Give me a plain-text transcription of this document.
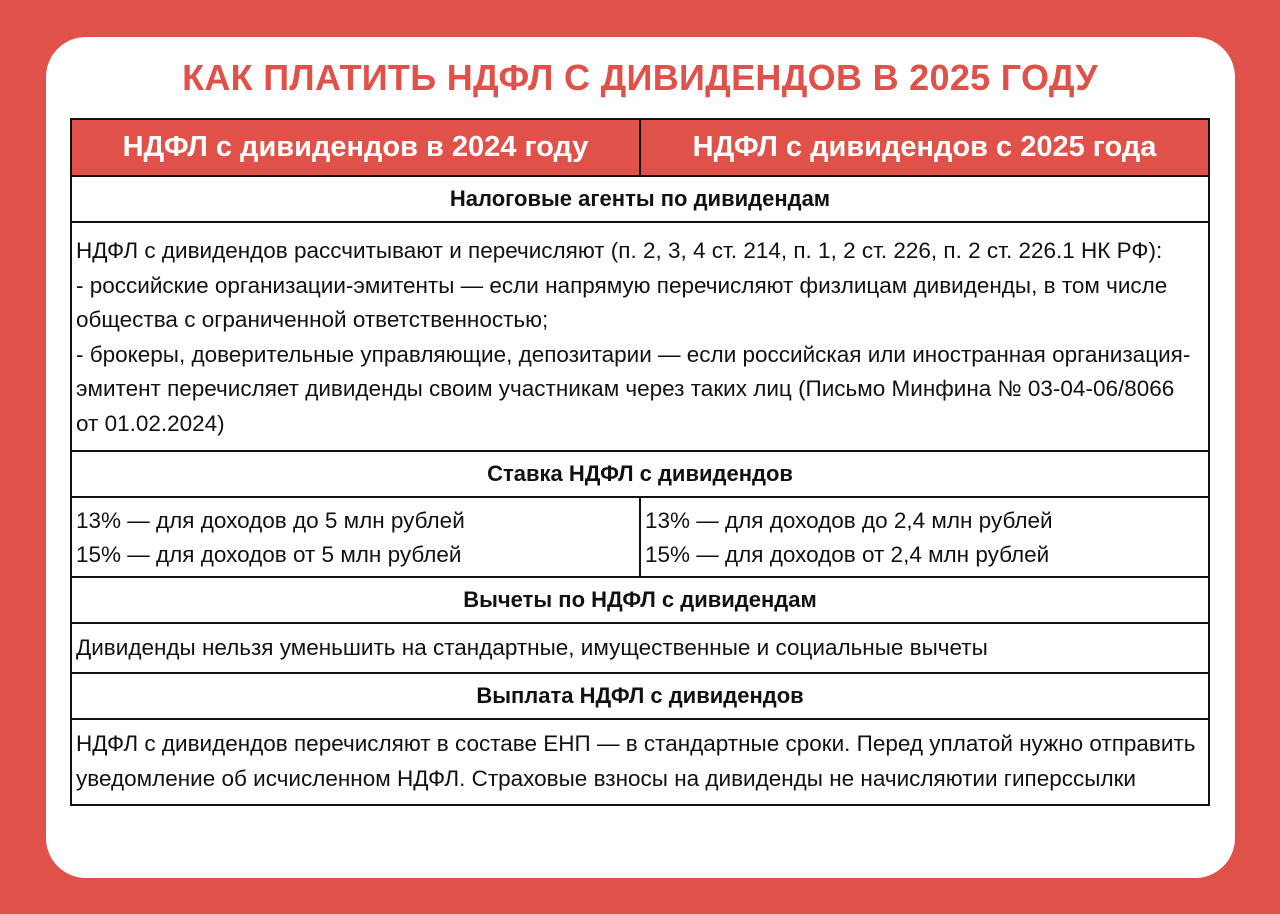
КАК ПЛАТИТЬ НДФЛ С ДИВИДЕНДОВ В 2025 ГОДУ
НДФЛ с дивидендов в 2024 году	НДФЛ с дивидендов с 2025 года
Налоговые агенты по дивидендам

НДФЛ с дивидендов рассчитывают и перечисляют (п. 2, 3, 4 ст. 214, п. 1, 2 ст. 226, п. 2 ст. 226.1 НК РФ):

- российские организации-эмитенты — если напрямую перечисляют физлицам дивиденды, в том числе общества с ограниченной ответственностью;

- брокеры, доверительные управляющие, депозитарии — если российская или иностранная организация-эмитент перечисляет дивиденды своим участникам через таких лиц (Письмо Минфина № 03-04-06/8066 от 01.02.2024)

Ставка НДФЛ с дивидендов

13% — для доходов до 5 млн рублей

15% — для доходов от 5 млн рублей

13% — для доходов до 2,4 млн рублей

15% — для доходов от 2,4 млн рублей

Вычеты по НДФЛ с дивидендам
Дивиденды нельзя уменьшить на стандартные, имущественные и социальные вычеты
Выплата НДФЛ с дивидендов
НДФЛ с дивидендов перечисляют в составе ЕНП — в стандартные сроки. Перед уплатой нужно отправить уведомление об исчисленном НДФЛ. Страховые взносы на дивиденды не начисляютии гиперссылки
